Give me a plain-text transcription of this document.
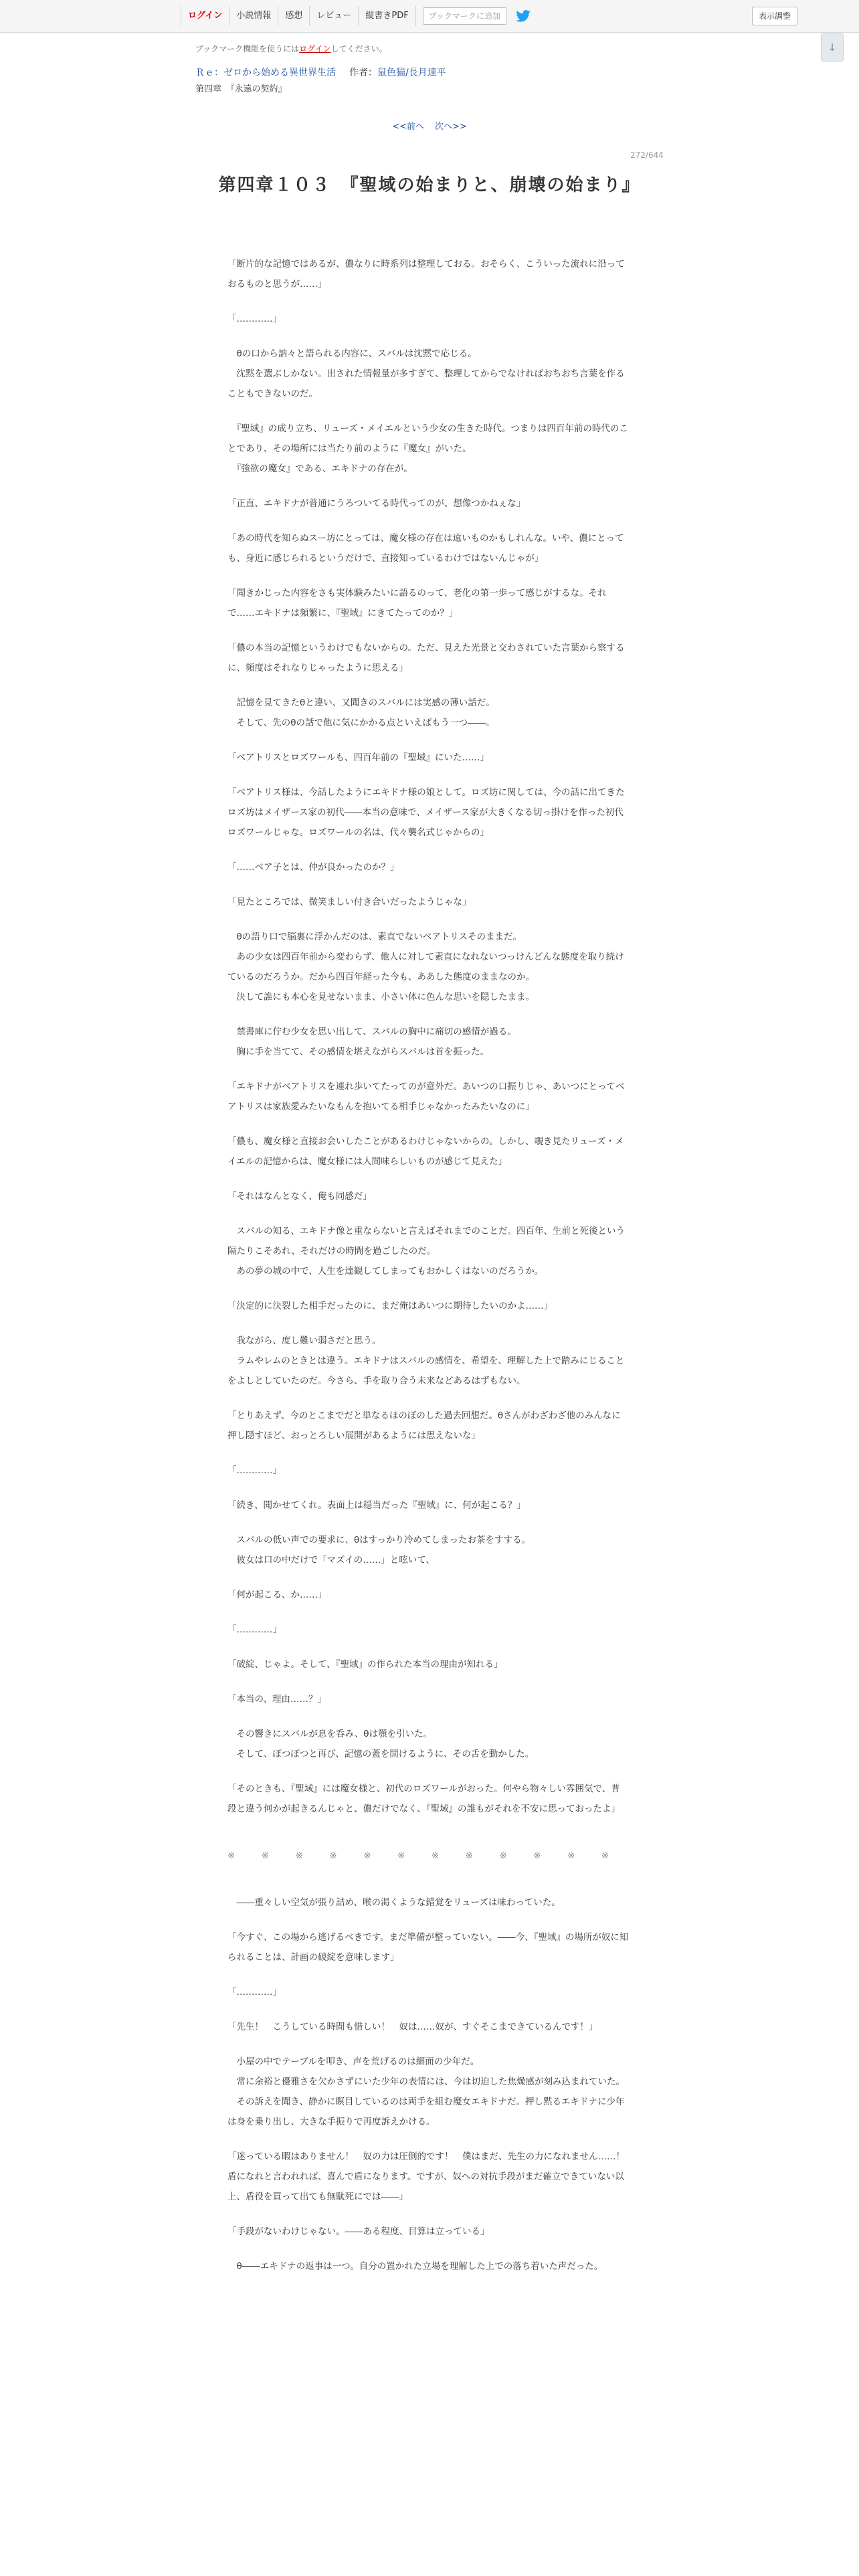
ログイン	小説情報	感想	レビュー	縦書きPDF	ブックマークに追加	表示調整
↓
ブックマーク機能を使うにはログインしてください。
Ｒｅ：ゼロから始める異世界生活 作者：鼠色猫/長月達平
第四章　『永遠の契約』
<<前へ 次へ>>
272/644
第四章１０３　『聖域の始まりと、崩壊の始まり』

「断片的な記憶ではあるが、儂なりに時系列は整理しておる。おそらく、こういった流れに沿っておるものと思うが……」

「…………」

　θの口から訥々と語られる内容に、スバルは沈黙で応じる。
　沈黙を選ぶしかない。出された情報量が多すぎて、整理してからでなければおちおち言葉を作ることもできないのだ。

　『聖域』の成り立ち、リューズ・メイエルという少女の生きた時代。つまりは四百年前の時代のことであり、その場所には当たり前のように『魔女』がいた。
　『強欲の魔女』である、エキドナの存在が。

「正直、エキドナが普通にうろついてる時代ってのが、想像つかねぇな」

「あの時代を知らぬスー坊にとっては、魔女様の存在は遠いものかもしれんな。いや、儂にとっても、身近に感じられるというだけで、直接知っているわけではないんじゃが」

「聞きかじった内容をさも実体験みたいに語るのって、老化の第一歩って感じがするな。それで……エキドナは頻繁に、『聖域』にきてたってのか？」

「儂の本当の記憶というわけでもないからの。ただ、見えた光景と交わされていた言葉から察するに、頻度はそれなりじゃったように思える」

　記憶を見てきたθと違い、又聞きのスバルには実感の薄い話だ。
　そして、先のθの話で他に気にかかる点といえばもう一つ――。

「ベアトリスとロズワールも、四百年前の『聖域』にいた……」

「ベアトリス様は、今話したようにエキドナ様の娘として。ロズ坊に関しては、今の話に出てきたロズ坊はメイザース家の初代――本当の意味で、メイザース家が大きくなる切っ掛けを作った初代ロズワールじゃな。ロズワールの名は、代々襲名式じゃからの」

「……ベア子とは、仲が良かったのか？」

「見たところでは、微笑ましい付き合いだったようじゃな」

　θの語り口で脳裏に浮かんだのは、素直でないベアトリスそのままだ。
　あの少女は四百年前から変わらず、他人に対して素直になれないつっけんどんな態度を取り続けているのだろうか。だから四百年経った今も、ああした態度のままなのか。
　決して誰にも本心を見せないまま、小さい体に色んな思いを隠したまま。

　禁書庫に佇む少女を思い出して、スバルの胸中に痛切の感情が過る。
　胸に手を当てて、その感情を堪えながらスバルは首を振った。

「エキドナがベアトリスを連れ歩いてたってのが意外だ。あいつの口振りじゃ、あいつにとってベアトリスは家族愛みたいなもんを抱いてる相手じゃなかったみたいなのに」

「儂も、魔女様と直接お会いしたことがあるわけじゃないからの。しかし、覗き見たリューズ・メイエルの記憶からは、魔女様には人間味らしいものが感じて見えた」

「それはなんとなく、俺も同感だ」

　スバルの知る、エキドナ像と重ならないと言えばそれまでのことだ。四百年、生前と死後という隔たりこそあれ、それだけの時間を過ごしたのだ。
　あの夢の城の中で、人生を達観してしまってもおかしくはないのだろうか。

「決定的に決裂した相手だったのに、まだ俺はあいつに期待したいのかよ……」

　我ながら、度し難い弱さだと思う。
　ラムやレムのときとは違う。エキドナはスバルの感情を、希望を、理解した上で踏みにじることをよしとしていたのだ。今さら、手を取り合う未来などあるはずもない。

「とりあえず、今のとこまでだと単なるほのぼのした過去回想だ。θさんがわざわざ他のみんなに押し隠すほど、おっとろしい展開があるようには思えないな」

「…………」

「続き、聞かせてくれ。表面上は穏当だった『聖域』に、何が起こる？」

　スバルの低い声での要求に、θはすっかり冷めてしまったお茶をすする。
　彼女は口の中だけで「マズイの……」と呟いて、

「何が起こる、か……」

「…………」

「破綻、じゃよ。そして、『聖域』の作られた本当の理由が知れる」

「本当の、理由……？」

　その響きにスバルが息を呑み、θは顎を引いた。
　そして、ぽつぽつと再び、記憶の蓋を開けるように、その舌を動かした。

「そのときも、『聖域』には魔女様と、初代のロズワールがおった。何やら物々しい雰囲気で、普段と違う何かが起きるんじゃと、儂だけでなく、『聖域』の誰もがそれを不安に思っておったよ」

※　※　※　※　※　※　※　※　※　※　※　※

　――重々しい空気が張り詰め、喉の渇くような錯覚をリューズは味わっていた。

「今すぐ、この場から逃げるべきです。まだ準備が整っていない。――今、『聖域』の場所が奴に知られることは、計画の破綻を意味します」

「…………」

「先生！　こうしている時間も惜しい！　奴は……奴が、すぐそこまできているんです！」

　小屋の中でテーブルを叩き、声を荒げるのは細面の少年だ。
　常に余裕と優雅さを欠かさずにいた少年の表情には、今は切迫した焦燥感が刻み込まれていた。
　その訴えを聞き、静かに瞑目しているのは両手を組む魔女エキドナだ。押し黙るエキドナに少年は身を乗り出し、大きな手振りで再度訴えかける。

「迷っている暇はありません！　奴の力は圧倒的です！　僕はまだ、先生の力になれません……！　盾になれと言われれば、喜んで盾になります。ですが、奴への対抗手段がまだ確立できていない以上、盾役を買って出ても無駄死にでは――」

「手段がないわけじゃない。――ある程度、目算は立っている」

　θ――エキドナの返事は一つ。自分の置かれた立場を理解した上での落ち着いた声だった。
